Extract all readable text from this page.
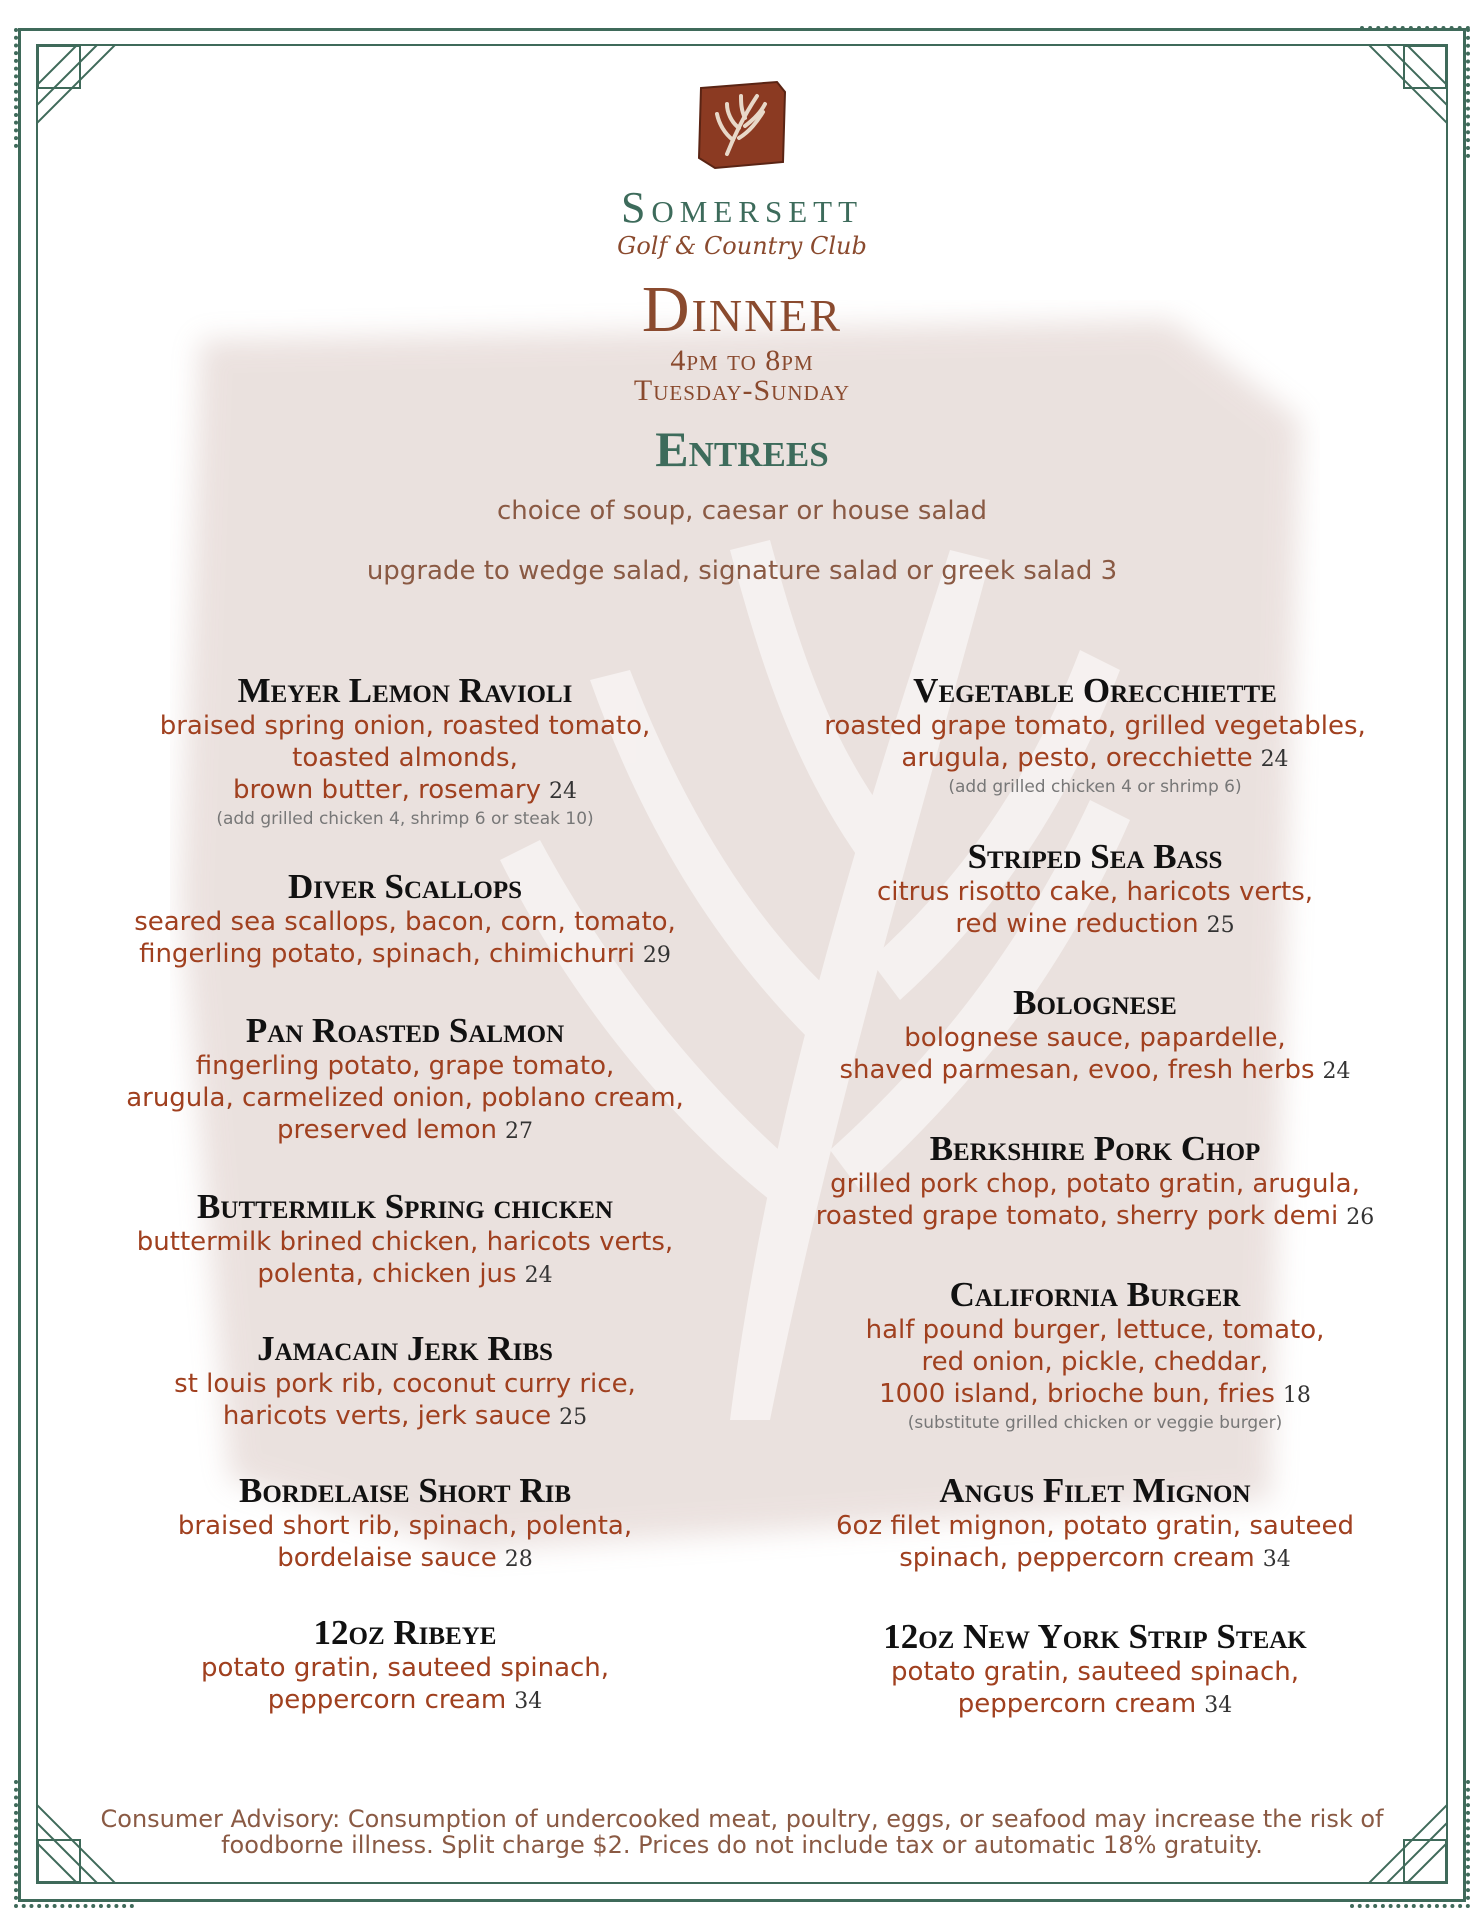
Somersett
Golf & Country Club
Dinner
4pm to 8pm
Tuesday-Sunday
Entrees
choice of soup, caesar or house salad
upgrade to wedge salad, signature salad or greek salad 3
Meyer Lemon Ravioli
braised spring onion, roasted tomato,
toasted almonds,
brown butter, rosemary 24
(add grilled chicken 4, shrimp 6 or steak 10)
Diver Scallops
seared sea scallops, bacon, corn, tomato,
fingerling potato, spinach, chimichurri 29
Pan Roasted Salmon
fingerling potato, grape tomato,
arugula, carmelized onion, poblano cream,
preserved lemon 27
Buttermilk Spring chicken
buttermilk brined chicken, haricots verts,
polenta, chicken jus 24
Jamacain Jerk Ribs
st louis pork rib, coconut curry rice,
haricots verts, jerk sauce 25
Bordelaise Short Rib
braised short rib, spinach, polenta,
bordelaise sauce 28
12oz Ribeye
potato gratin, sauteed spinach,
peppercorn cream 34
Vegetable Orecchiette
roasted grape tomato, grilled vegetables,
arugula, pesto, orecchiette 24
(add grilled chicken 4 or shrimp 6)
Striped Sea Bass
citrus risotto cake, haricots verts,
red wine reduction 25
Bolognese
bolognese sauce, papardelle,
shaved parmesan, evoo, fresh herbs 24
Berkshire Pork Chop
grilled pork chop, potato gratin, arugula,
roasted grape tomato, sherry pork demi 26
California Burger
half pound burger, lettuce, tomato,
red onion, pickle, cheddar,
1000 island, brioche bun, fries 18
(substitute grilled chicken or veggie burger)
Angus Filet Mignon
6oz filet mignon, potato gratin, sauteed
spinach, peppercorn cream 34
12oz New York Strip Steak
potato gratin, sauteed spinach,
peppercorn cream 34
Consumer Advisory: Consumption of undercooked meat, poultry, eggs, or seafood may increase the risk of foodborne illness. Split charge $2. Prices do not include tax or automatic 18% gratuity.
